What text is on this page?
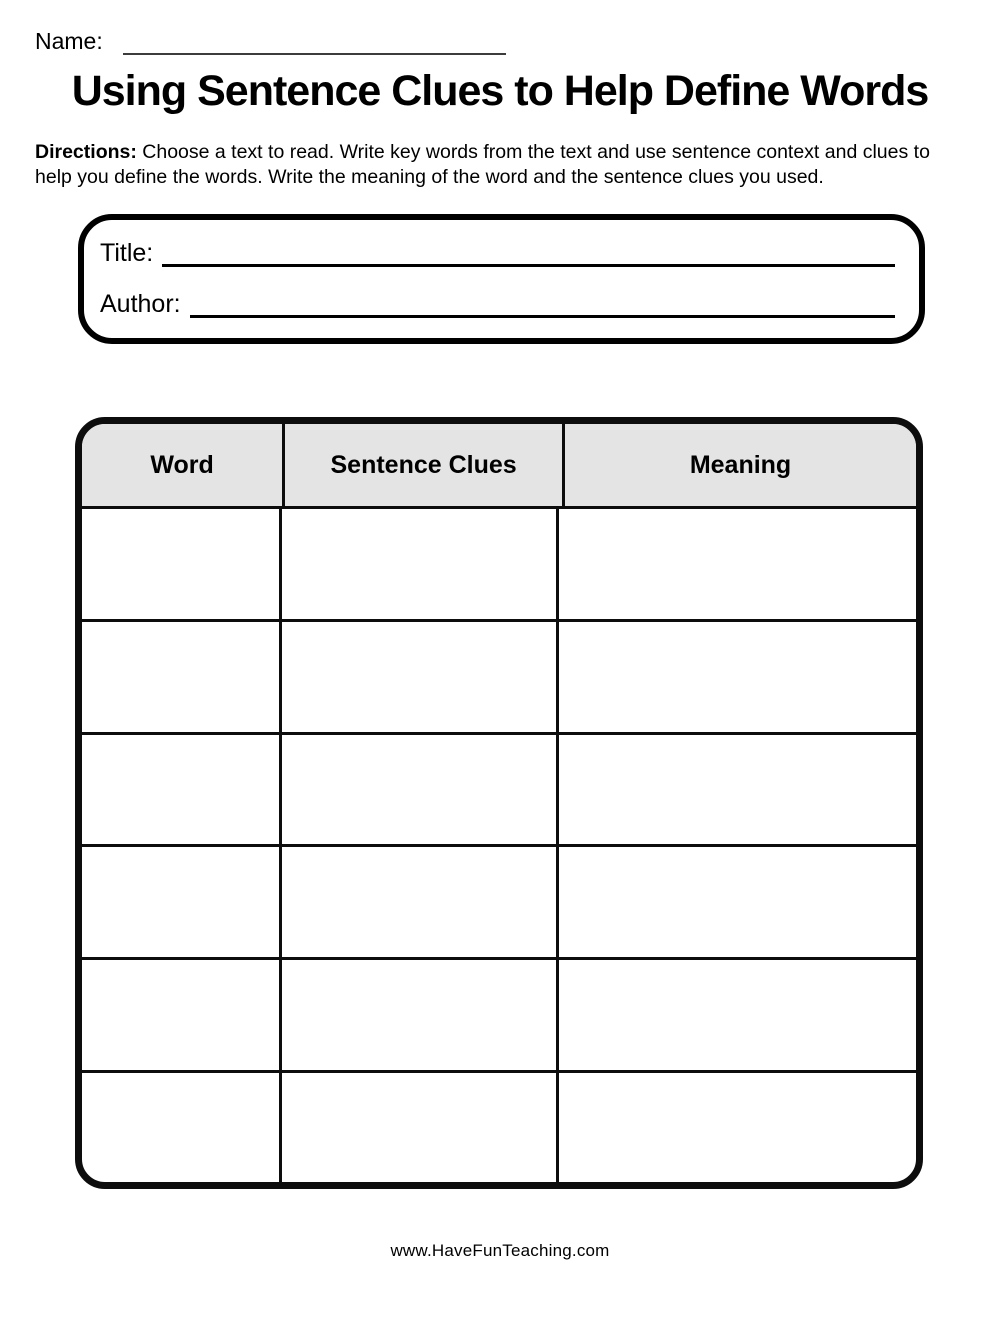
Name:
Using Sentence Clues to Help Define Words

Directions: Choose a text to read. Write key words from the text and use sentence context and clues to
help you define the words. Write the meaning of the word and the sentence clues you used.

Title:
Author:
Word	Sentence Clues	Meaning
www.HaveFunTeaching.com
